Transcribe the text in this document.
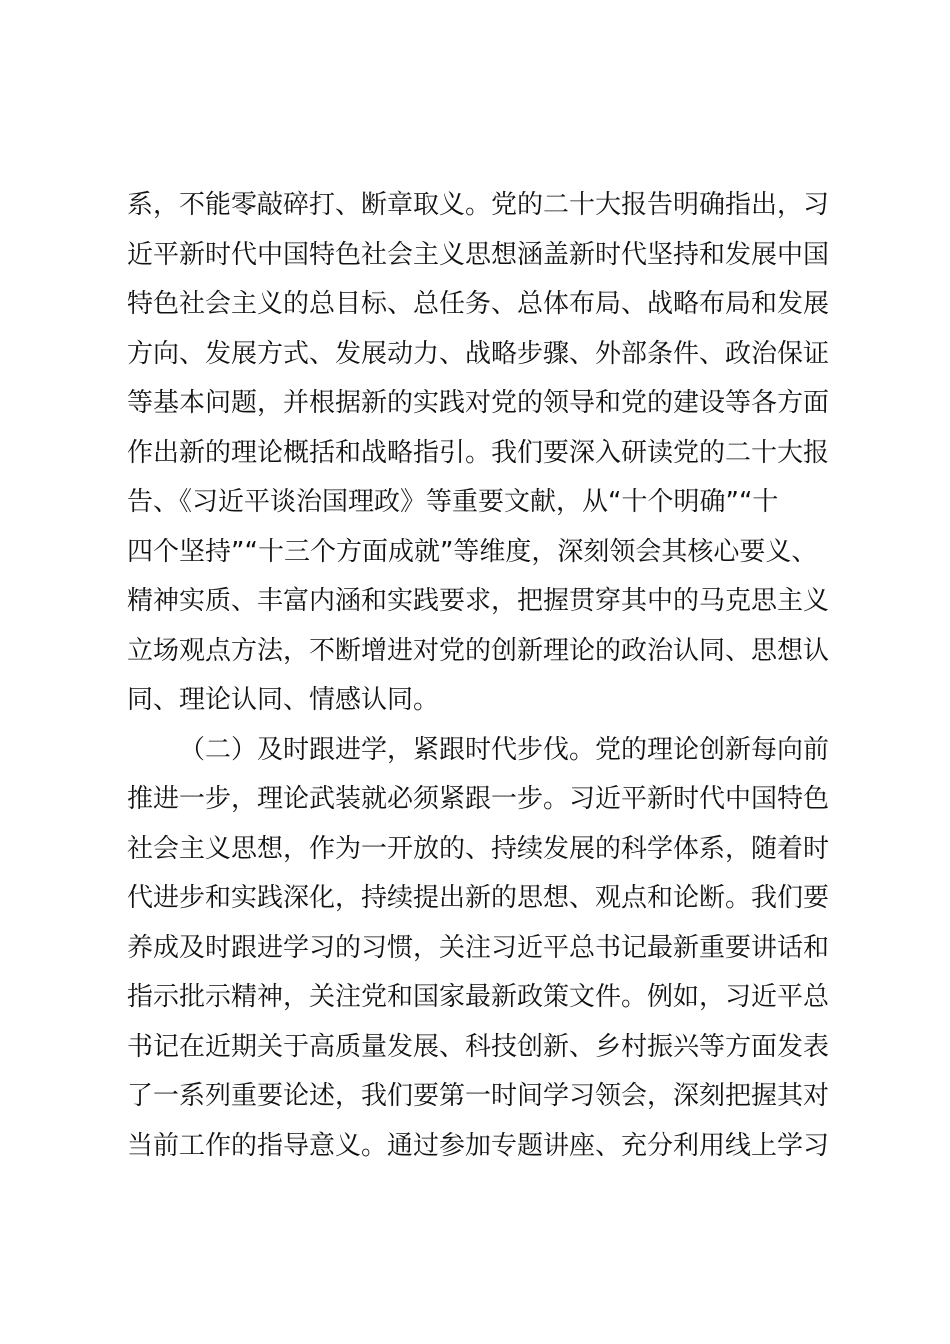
系，不能零敲碎打、断章取义。党的二十大报告明确指出，习
近平新时代中国特色社会主义思想涵盖新时代坚持和发展中国
特色社会主义的总目标、总任务、总体布局、战略布局和发展
方向、发展方式、发展动力、战略步骤、外部条件、政治保证
等基本问题，并根据新的实践对党的领导和党的建设等各方面
作出新的理论概括和战略指引。我们要深入研读党的二十大报
告、《习近平谈治国理政》等重要文献，从“十个明确”“十
四个坚持”“十三个方面成就”等维度，深刻领会其核心要义、
精神实质、丰富内涵和实践要求，把握贯穿其中的马克思主义
立场观点方法，不断增进对党的创新理论的政治认同、思想认
同、理论认同、情感认同。
（二）及时跟进学，紧跟时代步伐。党的理论创新每向前
推进一步，理论武装就必须紧跟一步。习近平新时代中国特色
社会主义思想，作为一开放的、持续发展的科学体系，随着时
代进步和实践深化，持续提出新的思想、观点和论断。我们要
养成及时跟进学习的习惯，关注习近平总书记最新重要讲话和
指示批示精神，关注党和国家最新政策文件。例如，习近平总
书记在近期关于高质量发展、科技创新、乡村振兴等方面发表
了一系列重要论述，我们要第一时间学习领会，深刻把握其对
当前工作的指导意义。通过参加专题讲座、充分利用线上学习
